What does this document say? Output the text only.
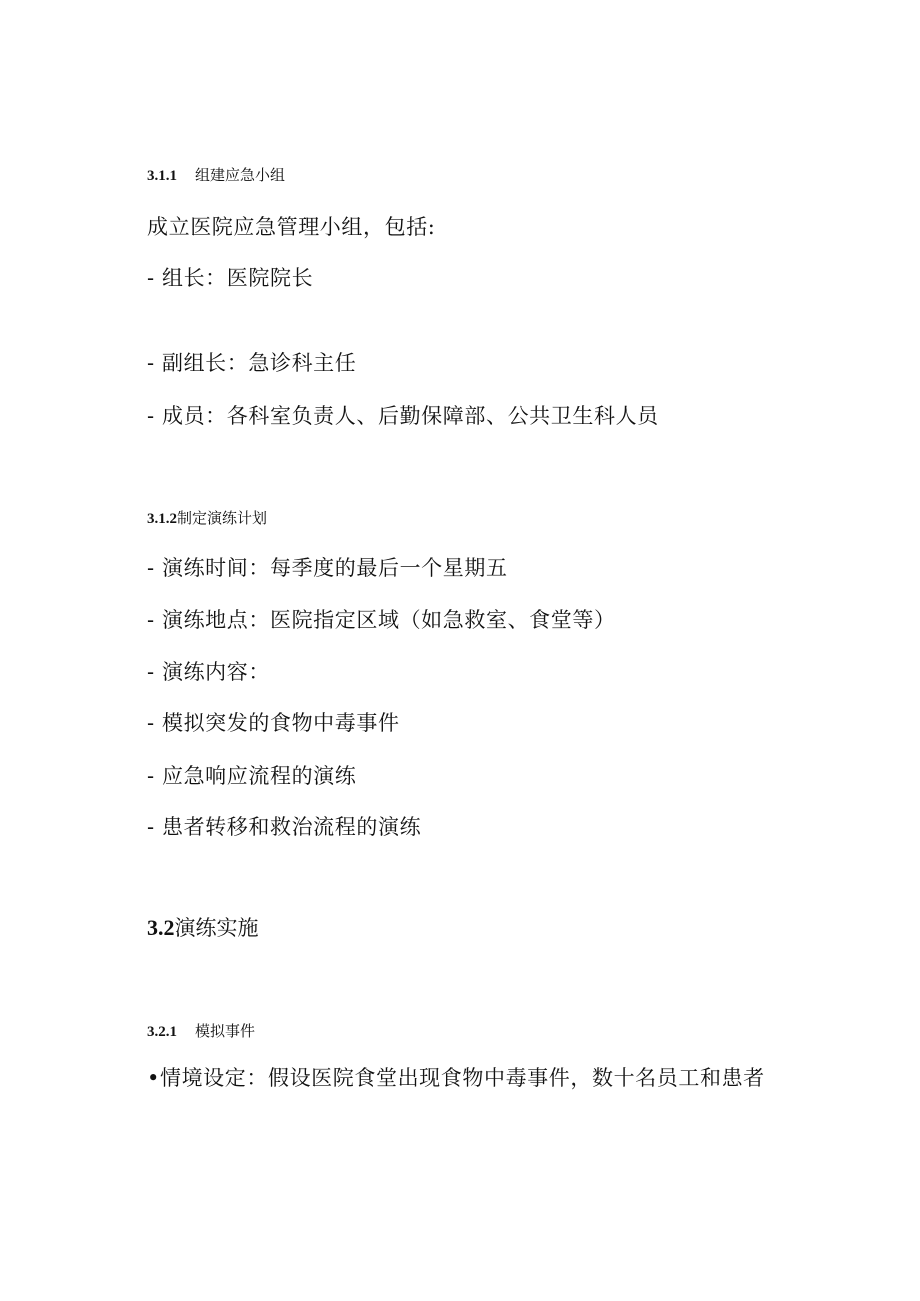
3.1.1 组建应急小组
成立医院应急管理小组，包括:
- 组长：医院院长
- 副组长：急诊科主任
- 成员：各科室负责人、后勤保障部、公共卫生科人员
3.1.2制定演练计划
- 演练时间：每季度的最后一个星期五
- 演练地点：医院指定区域（如急救室、食堂等）
- 演练内容：
- 模拟突发的食物中毒事件
- 应急响应流程的演练
- 患者转移和救治流程的演练
3.2演练实施
3.2.1 模拟事件
•情境设定：假设医院食堂出现食物中毒事件，数十名员工和患者
